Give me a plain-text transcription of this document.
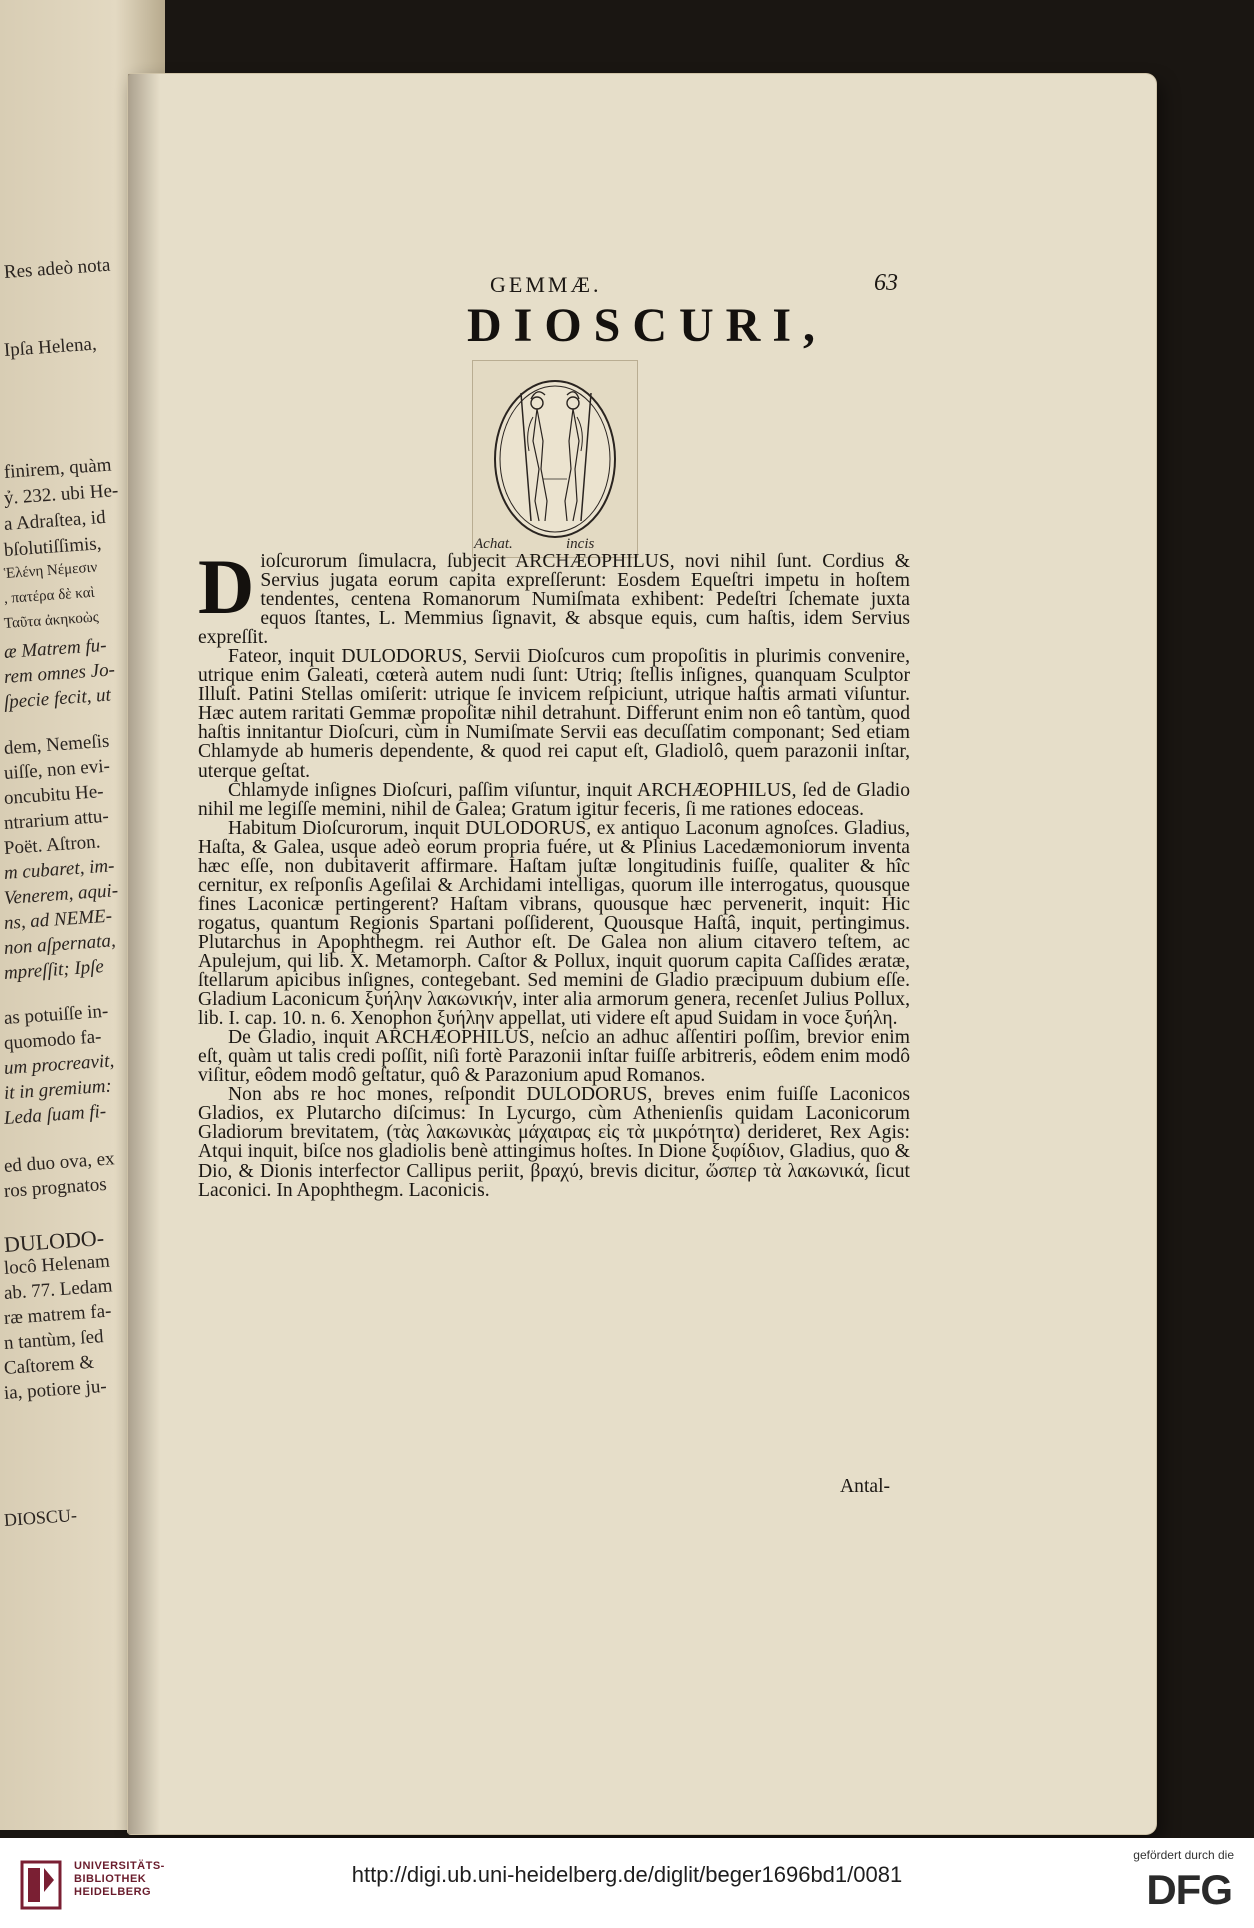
Res adeò nota
Ipſa Helena,
finirem, quàm
ỷ. 232. ubi He-
a Adraſtea, id
bſolutiſſimis,
Ἑλένη Νέμεσιν
, πατέρα δὲ καὶ
Ταῦτα ἀκηκοὼς
æ Matrem fu-
rem omnes Jo-
ſpecie fecit, ut
dem, Nemeſis
uiſſe, non evi-
oncubitu He-
ntrarium attu-
Poët. Aſtron.
m cubaret, im-
Venerem, aqui-
ns, ad NEME-
non aſpernata,
mpreſſit; Ipſe
as potuiſſe in-
quomodo fa-
um procreavit,
it in gremium:
Leda ſuam fi-
ed duo ova, ex
ros prognatos
DULODO-
locô Helenam
ab. 77. Ledam
ræ matrem fa-
n tantùm, ſed
Caſtorem &
ia, potiore ju-
DIOSCU-
GEMMÆ.	63
DIOSCURI,
Achat.	incis

Dioſcurorum ſimulacra, ſubjecit ARCHÆOPHILUS, novi nihil ſunt. Cordius & Servius jugata eorum capita expreſſerunt: Eosdem Equeſtri impetu in hoſtem tendentes, centena Romanorum Numiſmata exhibent: Pedeſtri ſchemate juxta equos ſtantes, L. Memmius ſignavit, & absque equis, cum haſtis, idem Servius expreſſit.

Fateor, inquit DULODORUS, Servii Dioſcuros cum propoſitis in plurimis convenire, utrique enim Galeati, cœterà autem nudi ſunt: Utriq; ſtellis inſignes, quanquam Sculptor Illuſt. Patini Stellas omiſerit: utrique ſe invicem reſpiciunt, utrique haſtis armati viſuntur. Hæc autem raritati Gemmæ propoſitæ nihil detrahunt. Differunt enim non eô tantùm, quod haſtis innitantur Dioſcuri, cùm in Numiſmate Servii eas decuſſatim componant; Sed etiam Chlamyde ab humeris dependente, & quod rei caput eſt, Gladiolô, quem parazonii inſtar, uterque geſtat.

Chlamyde inſignes Dioſcuri, paſſim viſuntur, inquit ARCHÆOPHILUS, ſed de Gladio nihil me legiſſe memini, nihil de Galea; Gratum igitur feceris, ſi me rationes edoceas.

Habitum Dioſcurorum, inquit DULODORUS, ex antiquo Laconum agnoſces. Gladius, Haſta, & Galea, usque adeò eorum propria fuére, ut & Plinius Lacedæmoniorum inventa hæc eſſe, non dubitaverit affirmare. Haſtam juſtæ longitudinis fuiſſe, qualiter & hîc cernitur, ex reſponſis Ageſilai & Archidami intelligas, quorum ille interrogatus, quousque fines Laconicæ pertingerent? Haſtam vibrans, quousque hæc pervenerit, inquit: Hic rogatus, quantum Regionis Spartani poſſiderent, Quousque Haſtâ, inquit, pertingimus. Plutarchus in Apophthegm. rei Author eſt. De Galea non alium citavero teſtem, ac Apulejum, qui lib. X. Metamorph. Caſtor & Pollux, inquit quorum capita Caſſides æratæ, ſtellarum apicibus inſignes, contegebant. Sed memini de Gladio præcipuum dubium eſſe. Gladium Laconicum ξυήλην λακωνικήν, inter alia armorum genera, recenſet Julius Pollux, lib. I. cap. 10. n. 6. Xenophon ξυήλην appellat, uti videre eſt apud Suidam in voce ξυήλη.

De Gladio, inquit ARCHÆOPHILUS, neſcio an adhuc aſſentiri poſſim, brevior enim eſt, quàm ut talis credi poſſit, niſi fortè Parazonii inſtar fuiſſe arbitreris, eôdem enim modô viſitur, eôdem modô geſtatur, quô & Parazonium apud Romanos.

Non abs re hoc mones, reſpondit DULODORUS, breves enim fuiſſe Laconicos Gladios, ex Plutarcho diſcimus: In Lycurgo, cùm Athenienſis quidam Laconicorum Gladiorum brevitatem, (τὰς λακωνικὰς μάχαιρας εἰς τὰ μικρότητα) derideret, Rex Agis: Atqui inquit, biſce nos gladiolis benè attingimus hoſtes. In Dione ξυφίδιον, Gladius, quo & Dio, & Dionis interfector Callipus periit, βραχύ, brevis dicitur, ὥσπερ τὰ λακωνικά, ſicut Laconici. In Apophthegm. Laconicis.

Antal-
UNIVERSITÄTS-
BIBLIOTHEK
HEIDELBERG
http://digi.ub.uni-heidelberg.de/diglit/beger1696bd1/0081
gefördert durch die
DFG
